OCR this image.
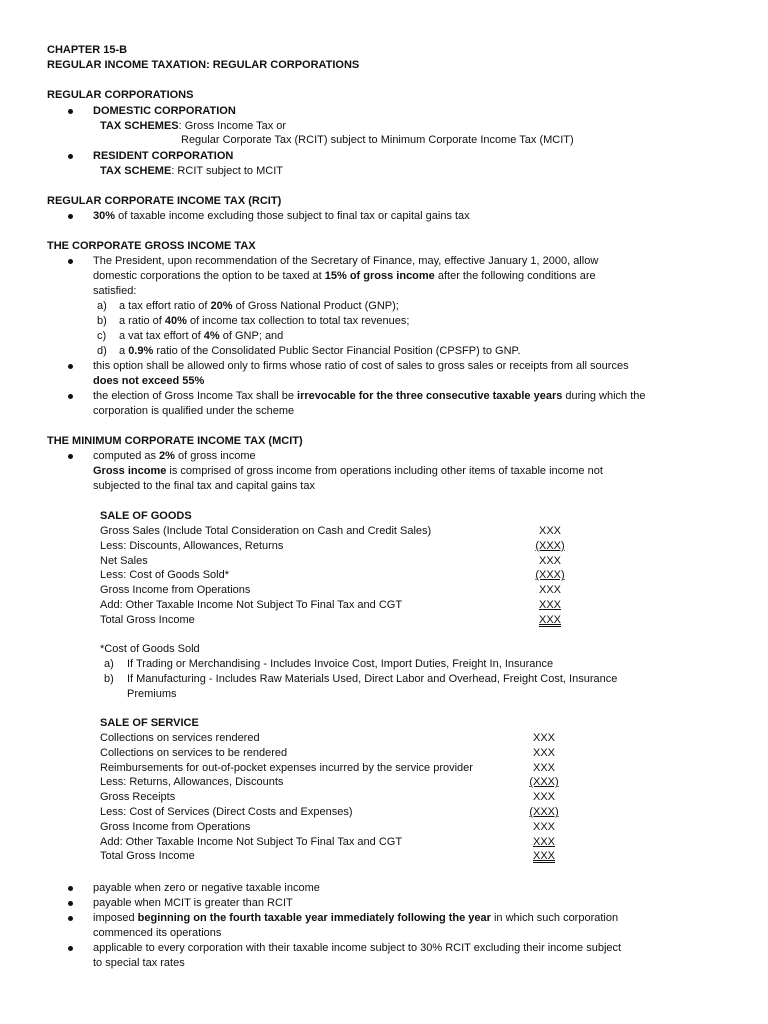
CHAPTER 15-B
REGULAR INCOME TAXATION: REGULAR CORPORATIONS
REGULAR CORPORATIONS
DOMESTIC CORPORATION
TAX SCHEMES: Gross Income Tax or
Regular Corporate Tax (RCIT) subject to Minimum Corporate Income Tax (MCIT)
RESIDENT CORPORATION
TAX SCHEME: RCIT subject to MCIT
REGULAR CORPORATE INCOME TAX (RCIT)
30% of taxable income excluding those subject to final tax or capital gains tax
THE CORPORATE GROSS INCOME TAX
The President, upon recommendation of the Secretary of Finance, may, effective January 1, 2000, allow
domestic corporations the option to be taxed at 15% of gross income after the following conditions are
satisfied:
a) a tax effort ratio of 20% of Gross National Product (GNP);
b) a ratio of 40% of income tax collection to total tax revenues;
c) a vat tax effort of 4% of GNP; and
d) a 0.9% ratio of the Consolidated Public Sector Financial Position (CPSFP) to GNP.
this option shall be allowed only to firms whose ratio of cost of sales to gross sales or receipts from all sources
does not exceed 55%
the election of Gross Income Tax shall be irrevocable for the three consecutive taxable years during which the
corporation is qualified under the scheme
THE MINIMUM CORPORATE INCOME TAX (MCIT)
computed as 2% of gross income
Gross income is comprised of gross income from operations including other items of taxable income not
subjected to the final tax and capital gains tax
SALE OF GOODS
Gross Sales (Include Total Consideration on Cash and Credit Sales)	XXX
Less: Discounts, Allowances, Returns	(XXX)
Net Sales	XXX
Less: Cost of Goods Sold*	(XXX)
Gross Income from Operations	XXX
Add: Other Taxable Income Not Subject To Final Tax and CGT	XXX
Total Gross Income	XXX
*Cost of Goods Sold
a) If Trading or Merchandising - Includes Invoice Cost, Import Duties, Freight In, Insurance
b) If Manufacturing - Includes Raw Materials Used, Direct Labor and Overhead, Freight Cost, Insurance
Premiums
SALE OF SERVICE
Collections on services rendered	XXX
Collections on services to be rendered	XXX
Reimbursements for out-of-pocket expenses incurred by the service provider	XXX
Less: Returns, Allowances, Discounts	(XXX)
Gross Receipts	XXX
Less: Cost of Services (Direct Costs and Expenses)	(XXX)
Gross Income from Operations	XXX
Add: Other Taxable Income Not Subject To Final Tax and CGT	XXX
Total Gross Income	XXX
payable when zero or negative taxable income
payable when MCIT is greater than RCIT
imposed beginning on the fourth taxable year immediately following the year in which such corporation
commenced its operations
applicable to every corporation with their taxable income subject to 30% RCIT excluding their income subject
to special tax rates
